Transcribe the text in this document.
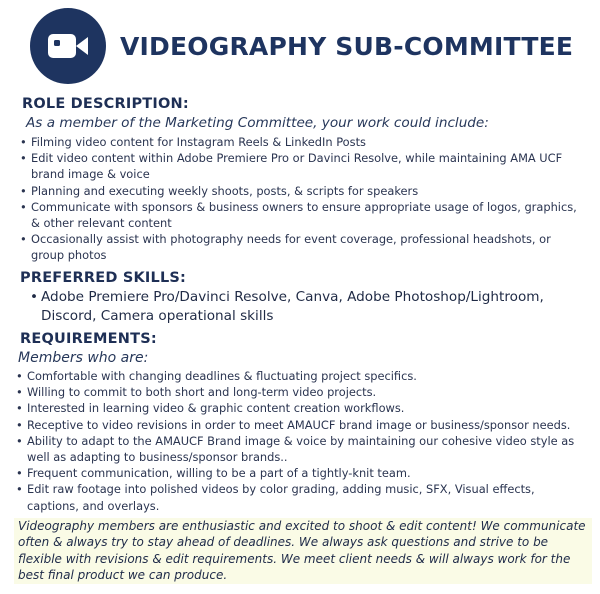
VIDEOGRAPHY SUB-COMMITTEE
ROLE DESCRIPTION:
As a member of the Marketing Committee, your work could include:
• Filming video content for Instagram Reels & LinkedIn Posts
• Edit video content within Adobe Premiere Pro or Davinci Resolve, while maintaining AMA UCF brand image & voice
• Planning and executing weekly shoots, posts, & scripts for speakers
• Communicate with sponsors & business owners to ensure appropriate usage of logos, graphics, & other relevant content
• Occasionally assist with photography needs for event coverage, professional headshots, or group photos
PREFERRED SKILLS:
• Adobe Premiere Pro/Davinci Resolve, Canva, Adobe Photoshop/Lightroom, Discord, Camera operational skills
REQUIREMENTS:
Members who are:
• Comfortable with changing deadlines & fluctuating project specifics.
• Willing to commit to both short and long-term video projects.
• Interested in learning video & graphic content creation workflows.
• Receptive to video revisions in order to meet AMAUCF brand image or business/sponsor needs.
• Ability to adapt to the AMAUCF Brand image & voice by maintaining our cohesive video style as well as adapting to business/sponsor brands..
• Frequent communication, willing to be a part of a tightly-knit team.
• Edit raw footage into polished videos by color grading, adding music, SFX, Visual effects, captions, and overlays.
Videography members are enthusiastic and excited to shoot & edit content! We communicate often & always try to stay ahead of deadlines. We always ask questions and strive to be flexible with revisions & edit requirements. We meet client needs & will always work for the best final product we can produce.
